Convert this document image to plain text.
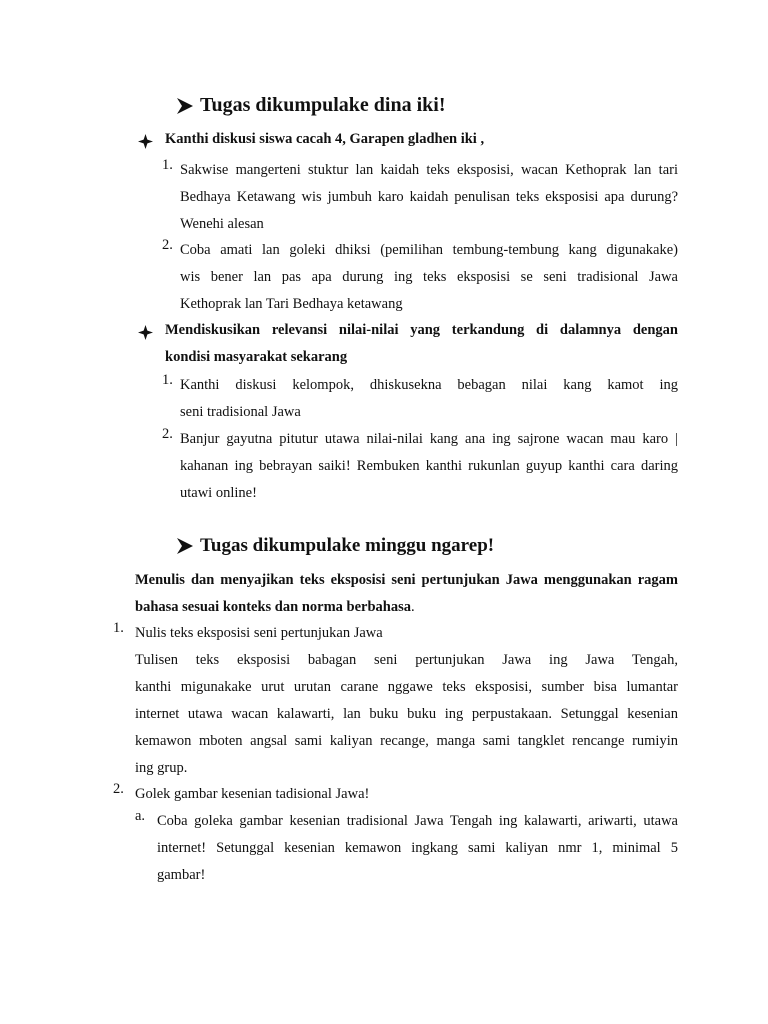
Tugas dikumpulake dina iki!
Kanthi diskusi siswa cacah 4, Garapen gladhen iki ,
1. Sakwise mangerteni stuktur lan kaidah teks eksposisi, wacan Kethoprak lan tari
Bedhaya Ketawang wis jumbuh karo kaidah penulisan teks eksposisi apa durung?
Wenehi alesan
2. Coba amati lan goleki dhiksi (pemilihan tembung-tembung kang digunakake)
wis bener lan pas apa durung ing teks eksposisi se seni tradisional Jawa
Kethoprak lan Tari Bedhaya ketawang
Mendiskusikan relevansi nilai-nilai yang terkandung di dalamnya dengan
kondisi masyarakat sekarang
1. Kanthi diskusi kelompok, dhiskusekna bebagan nilai kang kamot ing
seni tradisional Jawa
2. Banjur gayutna pitutur utawa nilai-nilai kang ana ing sajrone wacan mau karo |
kahanan ing bebrayan saiki! Rembuken kanthi rukunlan guyup kanthi cara daring
utawi online!
Tugas dikumpulake minggu ngarep!
Menulis dan menyajikan teks eksposisi seni pertunjukan Jawa menggunakan ragam
bahasa sesuai konteks dan norma berbahasa.
1. Nulis teks eksposisi seni pertunjukan Jawa
Tulisen teks eksposisi babagan seni pertunjukan Jawa ing Jawa Tengah,
kanthi migunakake urut urutan carane nggawe teks eksposisi, sumber bisa lumantar
internet utawa wacan kalawarti, lan buku buku ing perpustakaan. Setunggal kesenian
kemawon mboten angsal sami kaliyan recange, manga sami tangklet rencange rumiyin
ing grup.
2. Golek gambar kesenian tadisional Jawa!
a. Coba goleka gambar kesenian tradisional Jawa Tengah ing kalawarti, ariwarti, utawa
internet! Setunggal kesenian kemawon ingkang sami kaliyan nmr 1, minimal 5
gambar!
